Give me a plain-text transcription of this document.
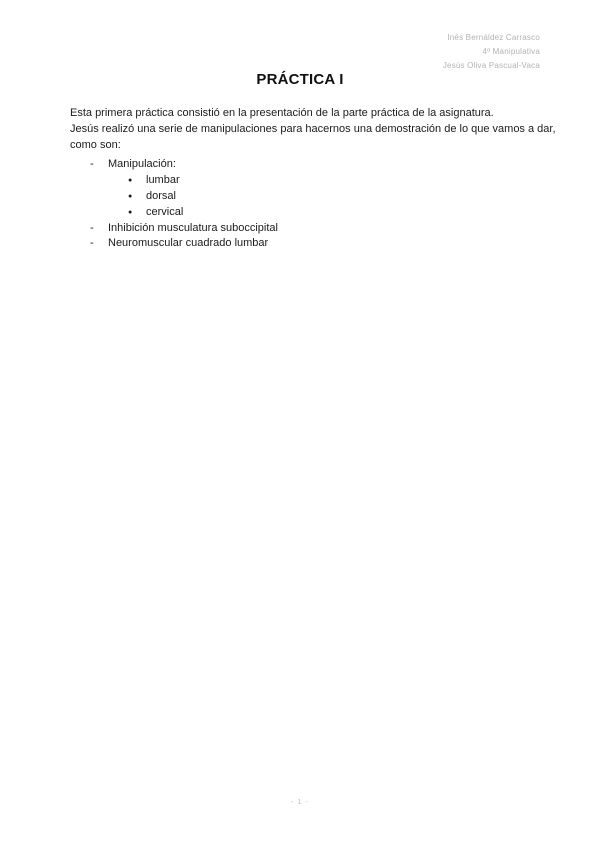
Inés Bernáldez Carrasco
4º Manipulativa
Jesús Oliva Pascual-Vaca
PRÁCTICA I
Esta primera práctica consistió en la presentación de la parte práctica de la asignatura.
Jesús realizó una serie de manipulaciones para hacernos una demostración de lo que vamos a dar,
como son:
- Manipulación:
● lumbar
● dorsal
● cervical
- Inhibición musculatura suboccipital
- Neuromuscular cuadrado lumbar
- 1 -
